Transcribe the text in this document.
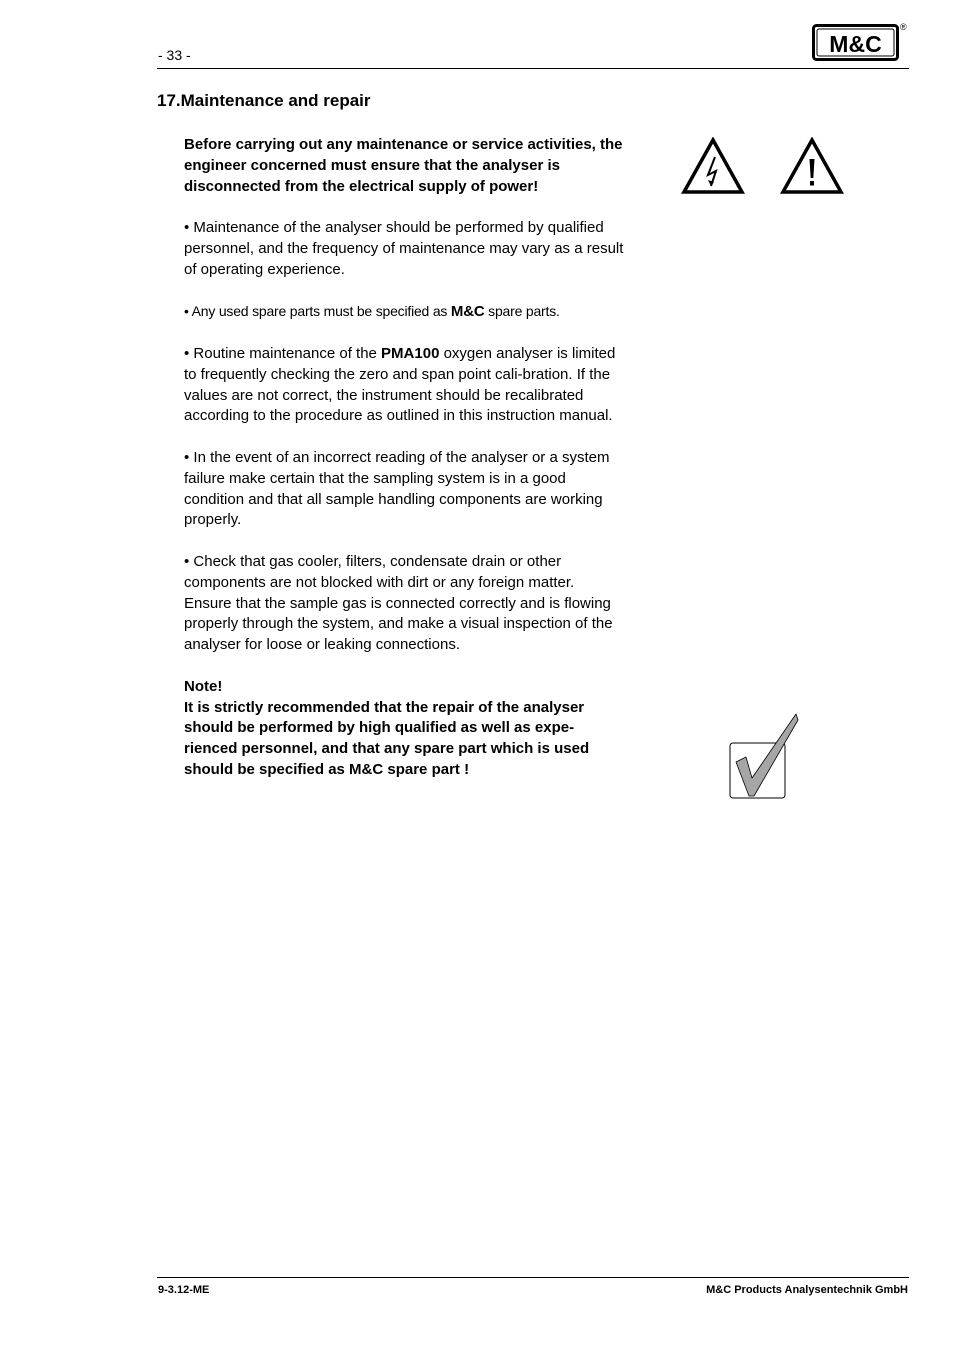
- 33 -	M&C
®
17.Maintenance and repair

Before carrying out any maintenance or service activities, the engineer concerned must ensure that the analyser is disconnected from the electrical supply of power!

• Maintenance of the analyser should be performed by qualified personnel, and the frequency of maintenance may vary as a result of operating experience.

• Any used spare parts must be specified as M&C spare parts.

• Routine maintenance of the PMA100 oxygen analyser is limited to frequently checking the zero and span point cali-bration. If the values are not correct, the instrument should be recalibrated according to the procedure as outlined in this instruction manual.

• In the event of an incorrect reading of the analyser or a system failure make certain that the sampling system is in a good condition and that all sample handling components are working properly.

• Check that gas cooler, filters, condensate drain or other components are not blocked with dirt or any foreign matter. Ensure that the sample gas is connected correctly and is flowing properly through the system, and make a visual inspection of the analyser for loose or leaking connections.

Note!
It is strictly recommended that the repair of the analyser should be performed by high qualified as well as expe-rienced personnel, and that any spare part which is used should be specified as M&C spare part !
9-3.12-ME	M&C Products Analysentechnik GmbH
